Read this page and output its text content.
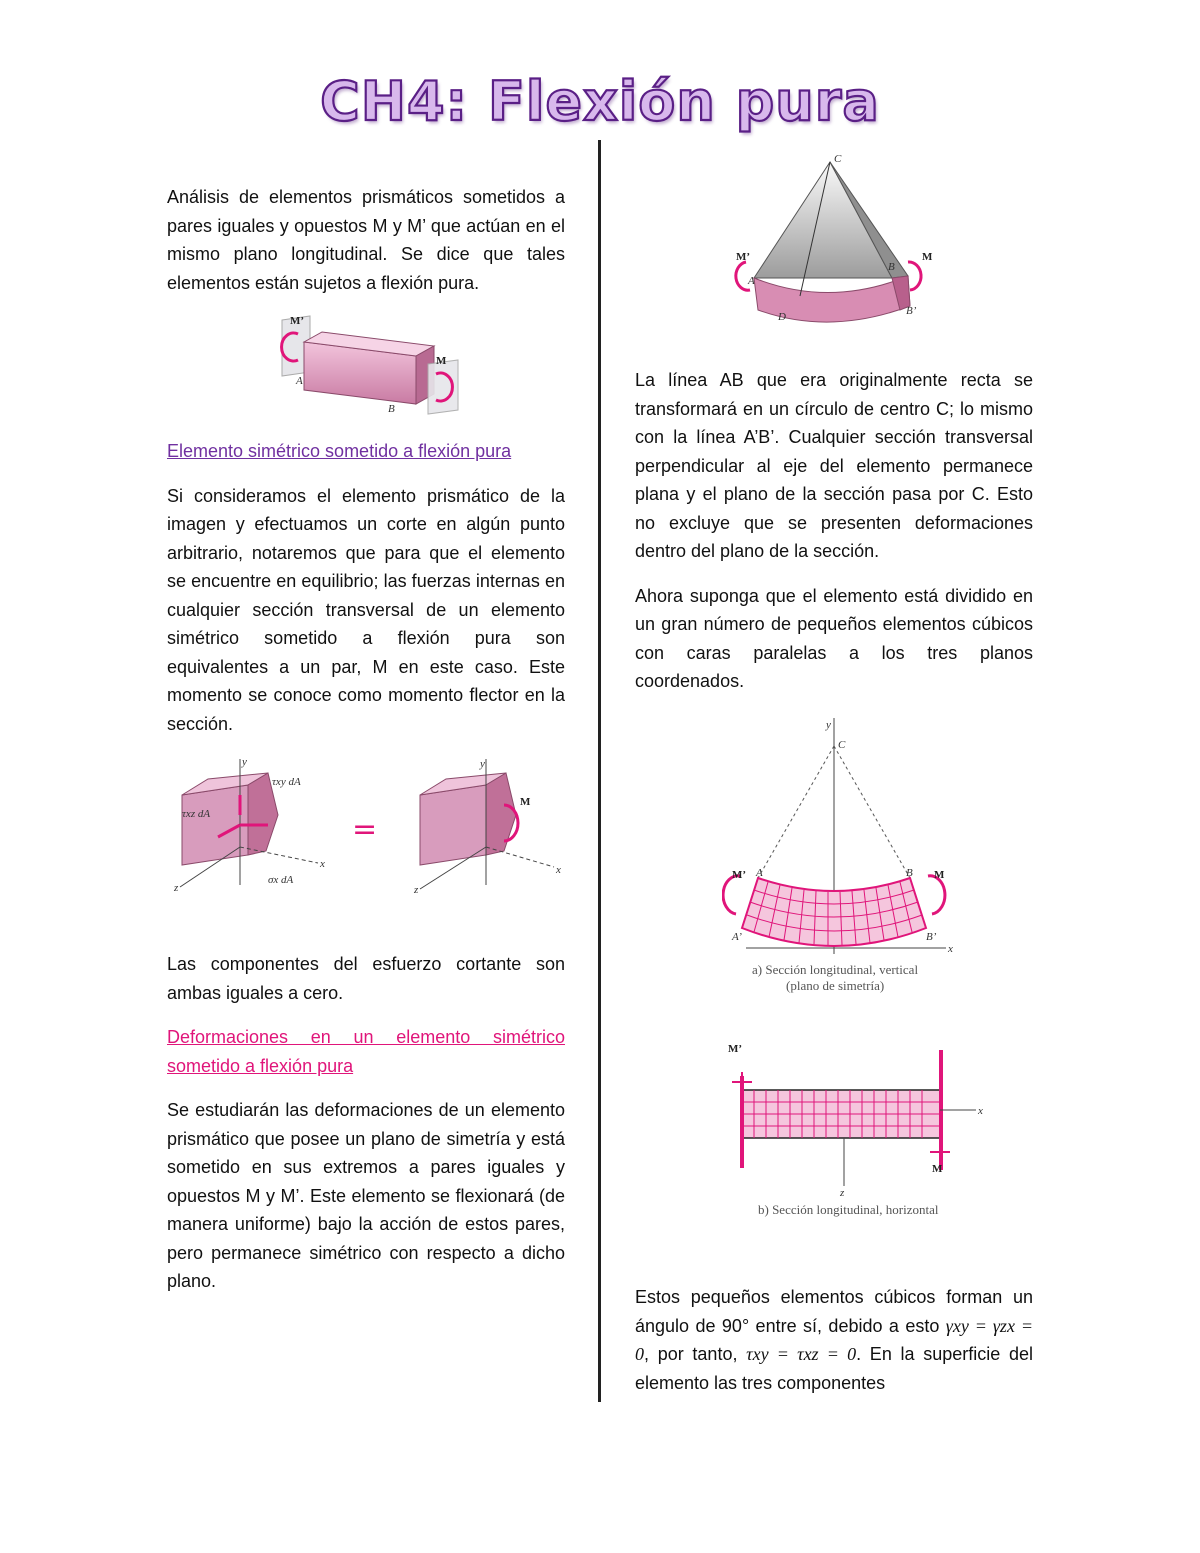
CH4: Flexión pura

Análisis de elementos prismáticos sometidos a pares iguales y opuestos M y M’ que actúan en el mismo plano longitudinal. Se dice que tales elementos están sujetos a flexión pura.

Elemento simétrico sometido a flexión pura

Si consideramos el elemento prismático de la imagen y efectuamos un corte en algún punto arbitrario, notaremos que para que el elemento se encuentre en equilibrio; las fuerzas internas en cualquier sección transversal de un elemento simétrico sometido a flexión pura son equivalentes a un par, M en este caso. Este momento se conoce como momento flector en la sección.

Las componentes del esfuerzo cortante son ambas iguales a cero.

Deformaciones en un elemento simétrico sometido a flexión pura

Se estudiarán las deformaciones de un elemento prismático que posee un plano de simetría y está sometido en sus extremos a pares iguales y opuestos M y M’. Este elemento se flexionará (de manera uniforme) bajo la acción de estos pares, pero permanece simétrico con respecto a dicho plano.

La línea AB que era originalmente recta se transformará en un círculo de centro C; lo mismo con la línea A’B’. Cualquier sección transversal perpendicular al eje del elemento permanece plana y el plano de la sección pasa por C. Esto no excluye que se presenten deformaciones dentro del plano de la sección.

Ahora suponga que el elemento está dividido en un gran número de pequeños elementos cúbicos con caras paralelas a los tres planos coordenados.

Estos pequeños elementos cúbicos forman un ángulo de 90° entre sí, debido a esto γxy = γzx = 0, por tanto, τxy = τxz = 0. En la superficie del elemento las tres componentes

M’
M
A
B
C
M’	M
A
B
B’
D
y
x
z
τxy dA
τxz dA
σx dA
=
y
x
z
M
C
y
M’	M
A	B
A’	B’
x
a) Sección longitudinal, vertical
(plano de simetría)
M’
M
x
z
b) Sección longitudinal, horizontal
